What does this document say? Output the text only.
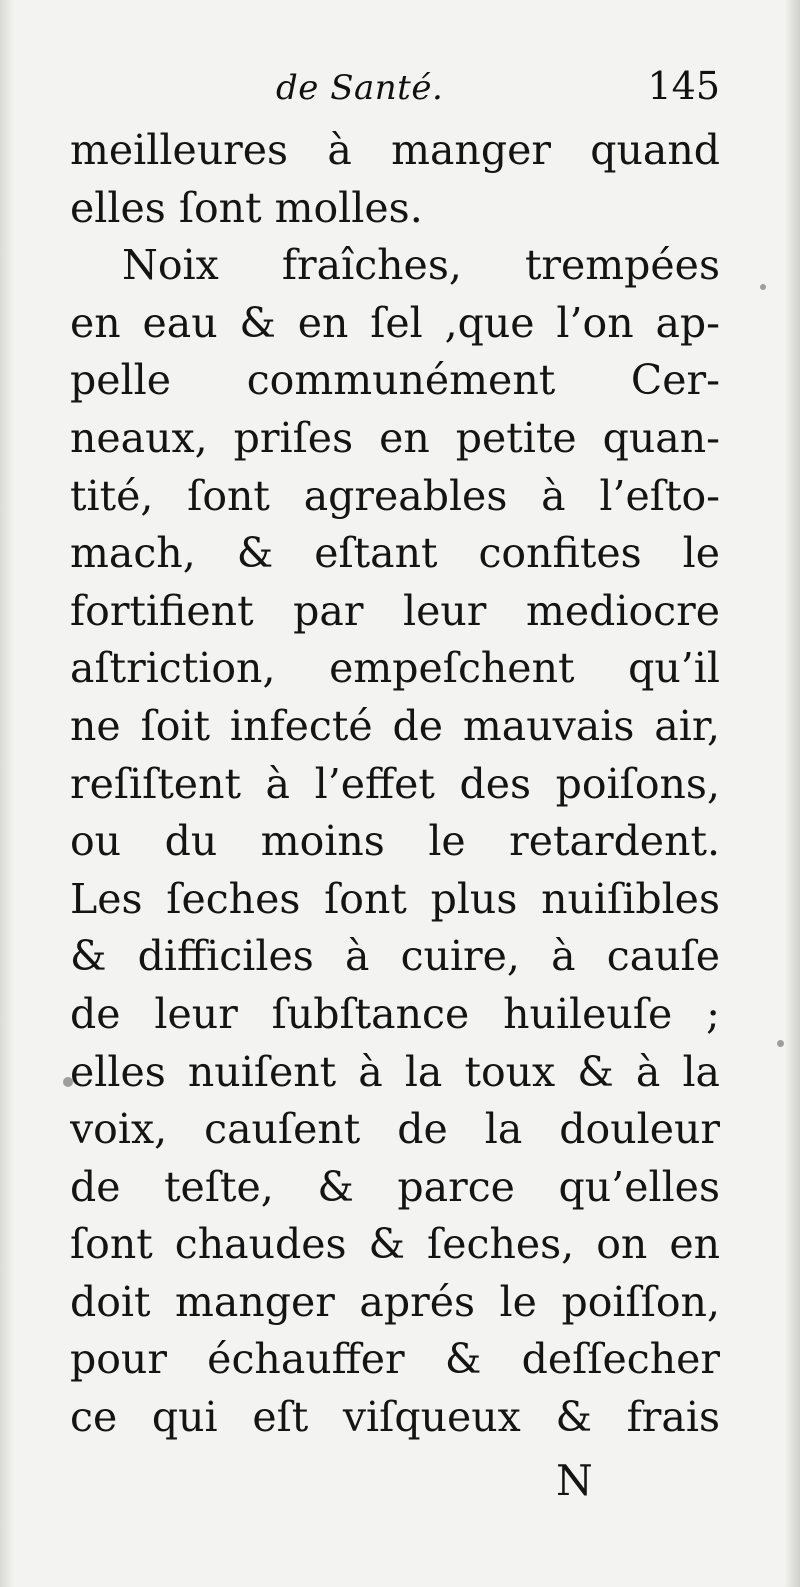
de Santé.	145
meilleures à manger quand
elles ſont molles.
Noix fraîches, trempées
en eau & en ſel ,que l’on ap-
pelle communément Cer-
neaux, priſes en petite quan-
tité, ſont agreables à l’eſto-
mach, & eſtant confites le
fortifient par leur mediocre
aſtriction, empeſchent qu’il
ne ſoit infecté de mauvais air,
reſiſtent à l’effet des poiſons,
ou du moins le retardent.
Les ſeches ſont plus nuiſibles
& difficiles à cuire, à cauſe
de leur ſubſtance huileuſe ;
elles nuiſent à la toux & à la
voix, cauſent de la douleur
de teſte, & parce qu’elles
ſont chaudes & ſeches, on en
doit manger aprés le poiſſon,
pour échauffer & deſſecher
ce qui eſt viſqueux & frais
N
